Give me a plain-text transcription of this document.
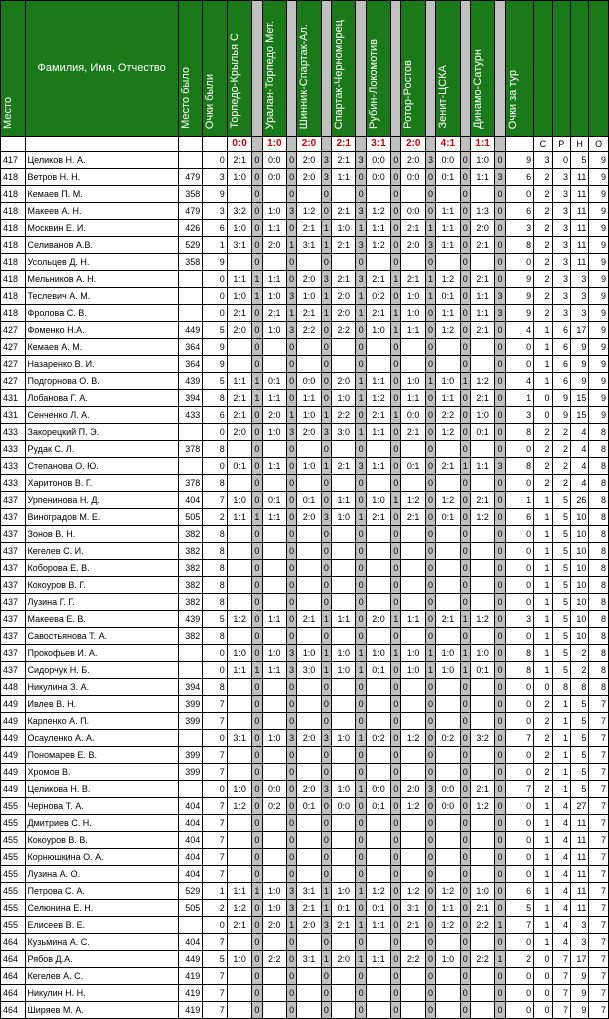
Место	Фамилия, Имя, Отчество	Место было	Очки были	Торпедо-Крылья С		Уралан-Торпедо Мет.		Шинник-Спартак-Ал.		Спартак-Черноморец		Рубин-Локомотив		Ротор-Ростов		Зенит-ЦСКА		Динамо-Сатурн		Очки за тур				
				0:0		1:0		2:0		2:1		3:1		2:0		4:1		1:1			С	Р	Н	О
417	Целиков Н. А.		0	2:1	0	0:0	0	2:0	3	2:1	3	0:0	0	2:0	3	0:0	0	1:0	0	9	3	0	5	9
418	Ветров Н. Н.	479	3	1:0	0	0:0	0	2:0	3	1:1	0	0:0	0	0:0	0	0:1	0	1:1	3	6	2	3	11	9
418	Кемаев П. М.	358	9		0		0		0		0		0		0		0		0	0	2	3	11	9
418	Макеев А. Н.	479	3	3:2	0	1:0	3	1:2	0	2:1	3	1:2	0	0:0	0	1:1	0	1:3	0	6	2	3	11	9
418	Москвин Е. И.	426	6	1:0	0	1:1	0	2:1	1	1:0	1	1:1	0	2:1	1	1:1	0	2:0	0	3	2	3	11	9
418	Селиванов А.В.	529	1	3:1	0	2:0	1	3:1	1	2:1	3	1:2	0	2:0	3	1:1	0	2:1	0	8	2	3	11	9
418	Усольцев Д. Н.	358	9		0		0		0		0		0		0		0		0	0	2	3	11	9
418	Мельников А. Н.		0	1:1	1	1:1	0	2:0	3	2:1	3	2:1	1	2:1	1	1:2	0	2:1	0	9	2	3	3	9
418	Теслевич А. М.		0	1:0	1	1:0	3	1:0	1	2:0	1	0:2	0	1:0	1	0:1	0	1:1	3	9	2	3	3	9
418	Фролова С. В.		0	2:1	0	2:1	1	2:1	1	2:0	1	2:1	1	1:0	0	1:1	0	1:1	3	9	2	3	3	9
427	Фоменко Н.А.	449	5	2:0	0	1:0	3	2:2	0	2:2	0	1:0	1	1:1	0	1:2	0	2:1	0	4	1	6	17	9
427	Кемаев А. М.	364	9		0		0		0		0		0		0		0		0	0	1	6	9	9
427	Назаренко В. И.	364	9		0		0		0		0		0		0		0		0	0	1	6	9	9
427	Подгорнова О. В.	439	5	1:1	1	0:1	0	0:0	0	2:0	1	1:1	0	1:0	1	1:0	1	1:2	0	4	1	6	9	9
431	Лобанова Г. А.	394	8	2:1	1	1:1	0	1:1	0	1:0	1	1:2	0	1:1	0	1:1	0	2:1	0	1	0	9	15	9
431	Сенченко Л. А.	433	6	2:1	0	2:0	1	1:0	1	2:2	0	2:1	1	0:0	0	2:2	0	1:0	0	3	0	9	15	9
433	Закорецкий П. Э.		0	2:0	0	1:0	3	2:0	3	3:0	1	1:1	0	2:1	0	1:2	0	0:1	0	8	2	2	4	8
433	Рудак С. Л.	378	8		0		0		0		0		0		0		0		0	0	2	2	4	8
433	Степанова О. Ю.		0	0:1	0	1:1	0	1:0	1	2:1	3	1:1	0	0:1	0	2:1	1	1:1	3	8	2	2	4	8
433	Харитонов В. Г.	378	8		0		0		0		0		0		0		0		0	0	2	2	4	8
437	Урпенинова Н. Д.	404	7	1:0	0	0:1	0	0:1	0	1:1	0	1:0	1	1:2	0	1:2	0	2:1	0	1	1	5	26	8
437	Виноградов М. Е.	505	2	1:1	1	1:1	0	2:0	3	1:0	1	2:1	0	2:1	0	0:1	0	1:2	0	6	1	5	10	8
437	Зонов В. Н.	382	8		0		0		0		0		0		0		0		0	0	1	5	10	8
437	Кегелев С. И.	382	8		0		0		0		0		0		0		0		0	0	1	5	10	8
437	Коборова Е. В.	382	8		0		0		0		0		0		0		0		0	0	1	5	10	8
437	Кокоуров В. Г.	382	8		0		0		0		0		0		0		0		0	0	1	5	10	8
437	Лузина Г. Г.	382	8		0		0		0		0		0		0		0		0	0	1	5	10	8
437	Макеева Е. В.	439	5	1:2	0	1:1	0	2:1	1	1:1	0	2:0	1	1:1	0	2:1	1	1:2	0	3	1	5	10	8
437	Савостьянова Т. А.	382	8		0		0		0		0		0		0		0		0	0	1	5	10	8
437	Прокофьев И. А.		0	1:0	0	1:0	3	1:0	1	1:0	1	1:0	1	1:0	1	1:0	1	1:0	0	8	1	5	2	8
437	Сидорчук Н. Б.		0	1:1	1	1:1	3	3:0	1	1:0	1	0:1	0	1:0	1	1:0	1	0:1	0	8	1	5	2	8
448	Никулина З. А.	394	8		0		0		0		0		0		0		0		0	0	0	8	8	8
449	Ивлев В. Н.	399	7		0		0		0		0		0		0		0		0	0	2	1	5	7
449	Карпенко А. П.	399	7		0		0		0		0		0		0		0		0	0	2	1	5	7
449	Осауленко А. А.		0	3:1	0	1:0	3	2:0	3	1:0	1	0:2	0	1:2	0	0:2	0	3:2	0	7	2	1	5	7
449	Пономарев Е. В.	399	7		0		0		0		0		0		0		0		0	0	2	1	5	7
449	Хромов В.	399	7		0		0		0		0		0		0		0		0	0	2	1	5	7
449	Целикова Н. В.		0	1:0	0	0:0	0	2:0	3	1:0	1	0:0	0	2:0	3	0:0	0	2:1	0	7	2	1	5	7
455	Чернова Т. А.	404	7	1:2	0	0:2	0	0:1	0	0:0	0	0:1	0	1:2	0	0:0	0	1:2	0	0	1	4	27	7
455	Дмитриев С. Н.	404	7		0		0		0		0		0		0		0		0	0	1	4	11	7
455	Кокоуров В. В.	404	7		0		0		0		0		0		0		0		0	0	1	4	11	7
455	Корнюшкина О. А.	404	7		0		0		0		0		0		0		0		0	0	1	4	11	7
455	Лузина А. О.	404	7		0		0		0		0		0		0		0		0	0	1	4	11	7
455	Петрова С. А.	529	1	1:1	1	1:0	3	3:1	1	1:0	1	1:2	0	1:2	0	1:2	0	1:0	0	6	1	4	11	7
455	Селюнина Е. Н.	505	2	1:2	0	1:0	3	2:1	1	0:1	0	0:1	0	3:1	0	1:1	0	2:1	0	5	1	4	11	7
455	Елисеев В. Е.		0	2:1	0	2:0	1	2:0	3	2:1	1	1:1	0	2:1	0	1:2	0	2:2	1	7	1	4	3	7
464	Кузьмина А. С.	404	7		0		0		0		0		0		0		0		0	0	1	4	3	7
464	Рябов Д.А.	449	5	1:0	0	2:2	0	3:1	1	2:0	1	1:1	0	2:2	0	1:0	0	2:2	1	2	0	7	17	7
464	Кегелев А. С.	419	7		0		0		0		0		0		0		0		0	0	0	7	9	7
464	Никулин Н. Н.	419	7		0		0		0		0		0		0		0		0	0	0	7	9	7
464	Ширяев М. А.	419	7		0		0		0		0		0		0		0		0	0	0	7	9	7
